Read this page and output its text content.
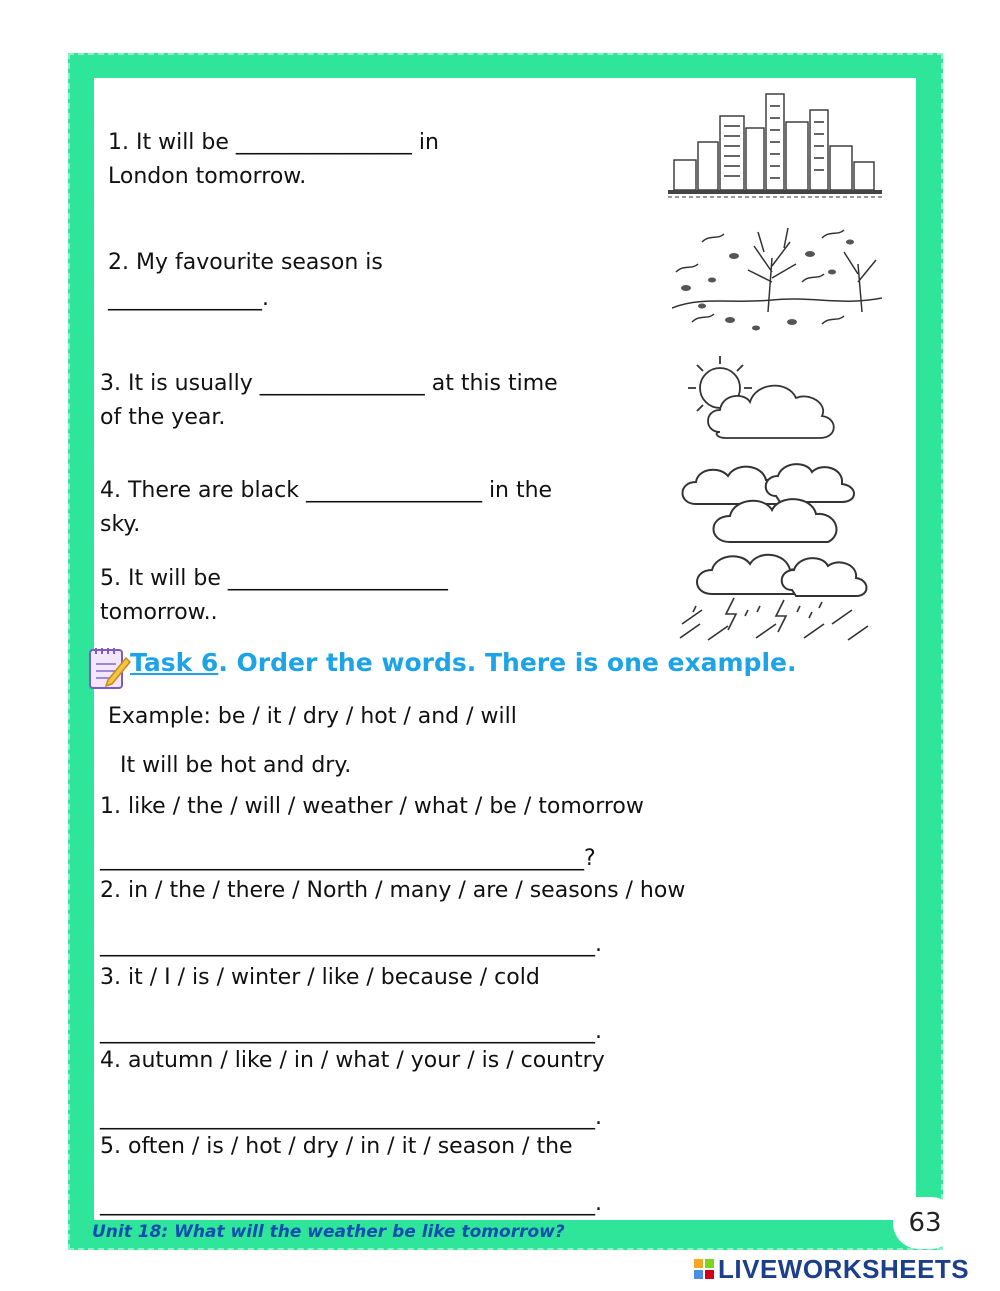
1. It will be ________________ in

London tomorrow.

2. My favourite season is

______________.

3. It is usually _______________ at this time

of the year.

4. There are black ________________ in the

sky.

5. It will be ____________________

tomorrow..

Task 6. Order the words. There is one example.

Example: be / it / dry / hot / and / will

It will be hot and dry.

1. like / the / will / weather / what / be / tomorrow

____________________________________________?

2. in / the / there / North / many / are / seasons / how

_____________________________________________.

3. it / I / is / winter / like / because / cold

_____________________________________________.

4. autumn / like / in / what / your / is / country

_____________________________________________.

5. often / is / hot / dry / in / it / season / the

_____________________________________________.

Unit 18: What will the weather be like tomorrow?	63
LIVEWORKSHEETS
